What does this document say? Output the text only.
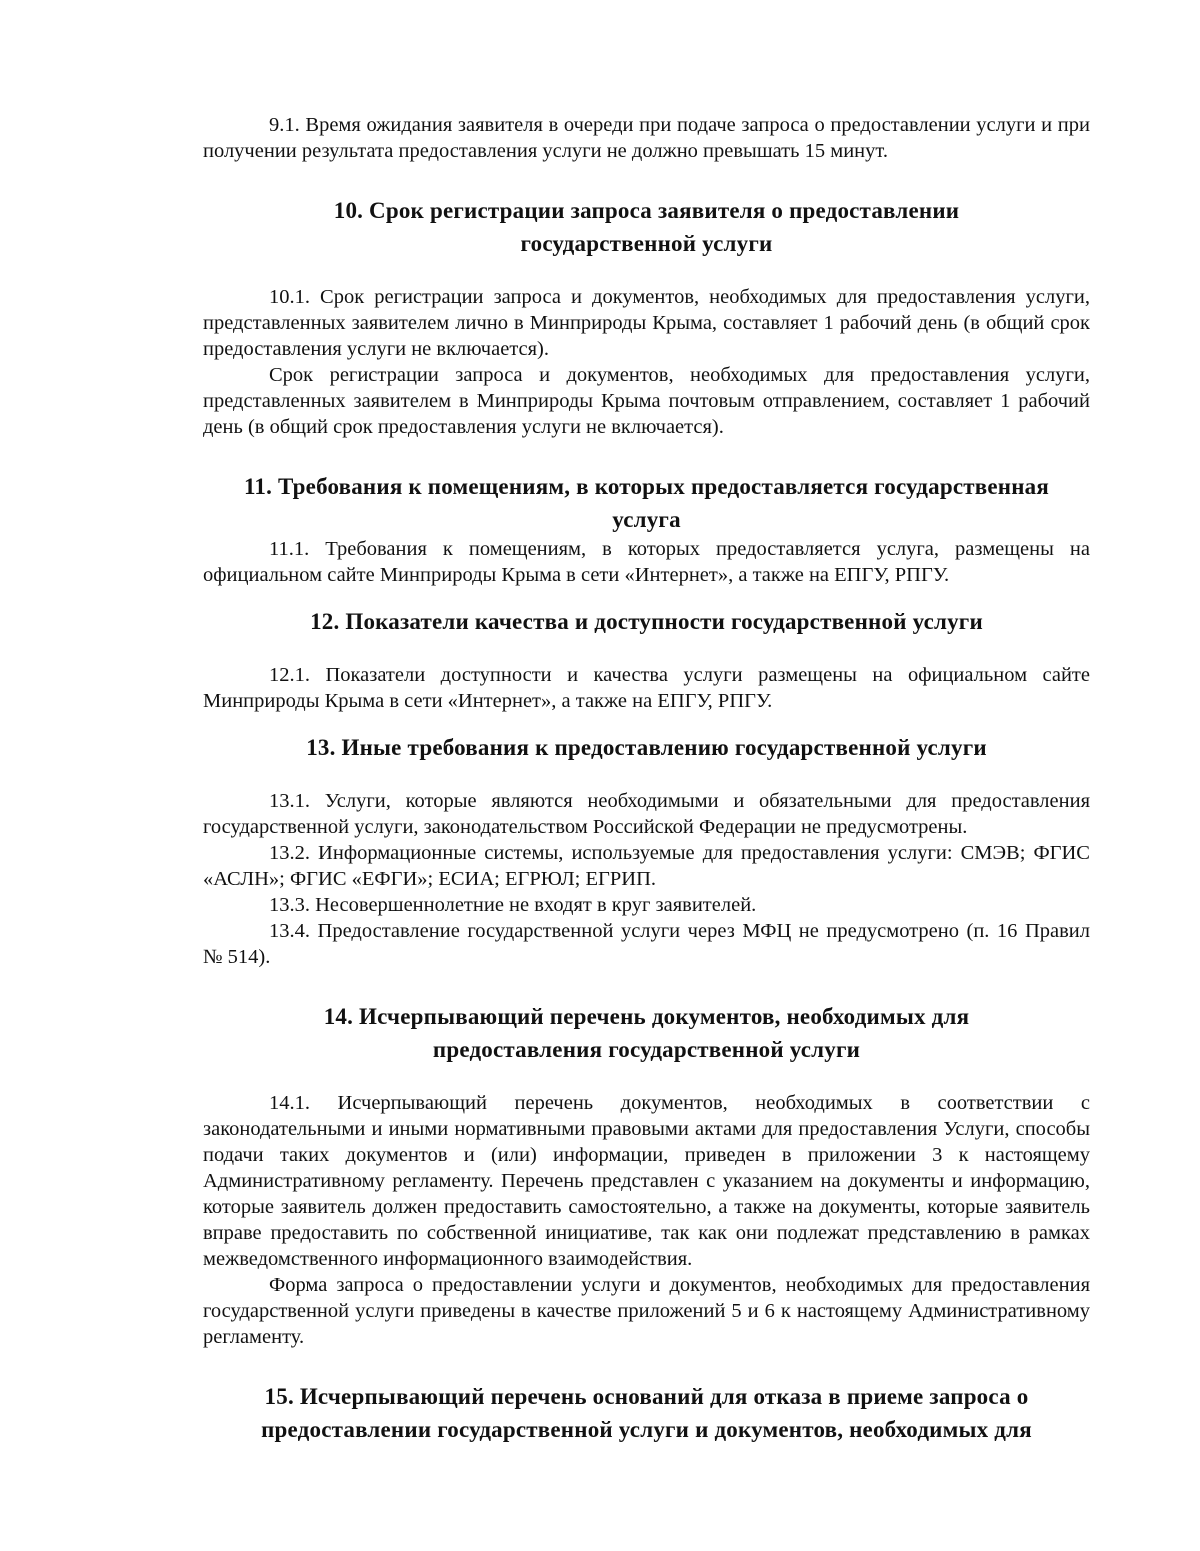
9.1. Время ожидания заявителя в очереди при подаче запроса о предоставлении услуги и при получении результата предоставления услуги не должно превышать 15 минут.

10. Срок регистрации запроса заявителя о предоставлении государственной услуги

10.1. Срок регистрации запроса и документов, необходимых для предоставления услуги, представленных заявителем лично в Минприроды Крыма, составляет 1 рабочий день (в общий срок предоставления услуги не включается).

Срок регистрации запроса и документов, необходимых для предоставления услуги, представленных заявителем в Минприроды Крыма почтовым отправлением, составляет 1 рабочий день (в общий срок предоставления услуги не включается).

11. Требования к помещениям, в которых предоставляется государственная услуга

11.1. Требования к помещениям, в которых предоставляется услуга, размещены на официальном сайте Минприроды Крыма в сети «Интернет», а также на ЕПГУ, РПГУ.

12. Показатели качества и доступности государственной услуги

12.1. Показатели доступности и качества услуги размещены на официальном сайте Минприроды Крыма в сети «Интернет», а также на ЕПГУ, РПГУ.

13. Иные требования к предоставлению государственной услуги

13.1. Услуги, которые являются необходимыми и обязательными для предоставления государственной услуги, законодательством Российской Федерации не предусмотрены.

13.2. Информационные системы, используемые для предоставления услуги: СМЭВ; ФГИС «АСЛН»; ФГИС «ЕФГИ»; ЕСИА; ЕГРЮЛ; ЕГРИП.

13.3. Несовершеннолетние не входят в круг заявителей.

13.4. Предоставление государственной услуги через МФЦ не предусмотрено (п. 16 Правил № 514).

14. Исчерпывающий перечень документов, необходимых для предоставления государственной услуги

14.1. Исчерпывающий перечень документов, необходимых в соответствии с законодательными и иными нормативными правовыми актами для предоставления Услуги, способы подачи таких документов и (или) информации, приведен в приложении 3 к настоящему Административному регламенту. Перечень представлен с указанием на документы и информацию, которые заявитель должен предоставить самостоятельно, а также на документы, которые заявитель вправе предоставить по собственной инициативе, так как они подлежат представлению в рамках межведомственного информационного взаимодействия.

Форма запроса о предоставлении услуги и документов, необходимых для предоставления государственной услуги приведены в качестве приложений 5 и 6 к настоящему Административному регламенту.

15. Исчерпывающий перечень оснований для отказа в приеме запроса о предоставлении государственной услуги и документов, необходимых для
